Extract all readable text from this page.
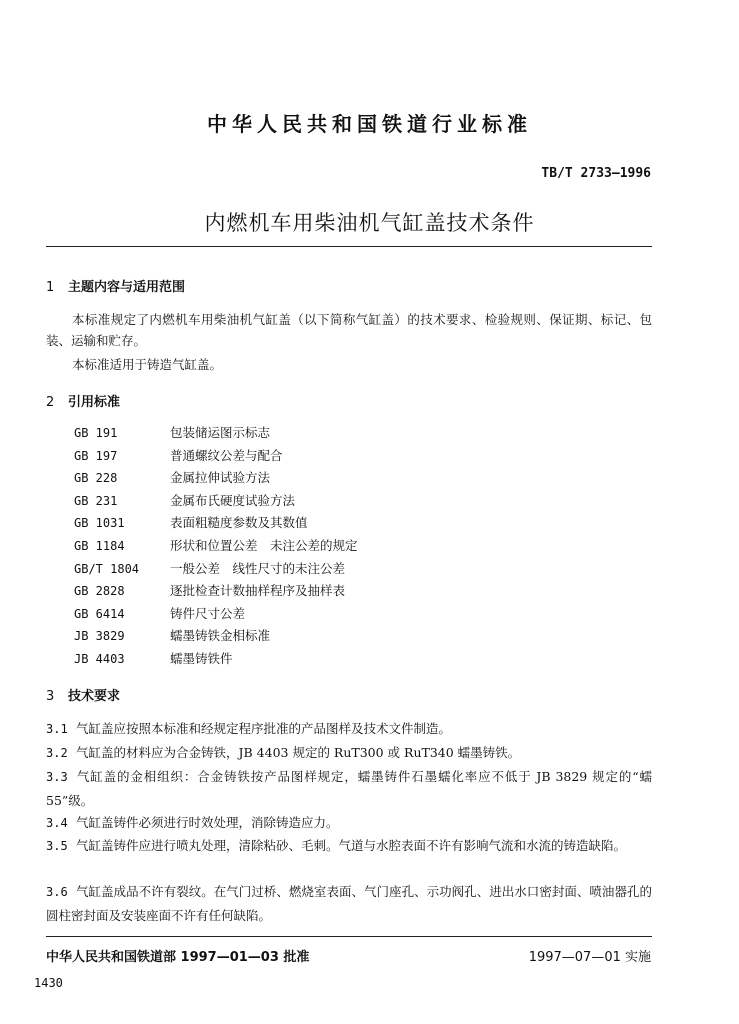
中华人民共和国铁道行业标准
TB/T 2733—1996
内燃机车用柴油机气缸盖技术条件
1 主题内容与适用范围
本标准规定了内燃机车用柴油机气缸盖（以下简称气缸盖）的技术要求、检验规则、保证期、标记、包装、运输和贮存。
本标准适用于铸造气缸盖。
2 引用标准
GB 191	包装储运图示标志
GB 197	普通螺纹公差与配合
GB 228	金属拉伸试验方法
GB 231	金属布氏硬度试验方法
GB 1031	表面粗糙度参数及其数值
GB 1184	形状和位置公差　未注公差的规定
GB/T 1804 一般公差　线性尺寸的未注公差
GB 2828	逐批检查计数抽样程序及抽样表
GB 6414	铸件尺寸公差
JB 3829	蠕墨铸铁金相标准
JB 4403	蠕墨铸铁件
3 技术要求
3.1 气缸盖应按照本标准和经规定程序批准的产品图样及技术文件制造。
3.2 气缸盖的材料应为合金铸铁，JB 4403 规定的 RuT300 或 RuT340 蠕墨铸铁。
3.3 气缸盖的金相组织：合金铸铁按产品图样规定，蠕墨铸件石墨蠕化率应不低于 JB 3829 规定的“蠕 55”级。
3.4 气缸盖铸件必须进行时效处理，消除铸造应力。
3.5 气缸盖铸件应进行喷丸处理，清除粘砂、毛刺。气道与水腔表面不许有影响气流和水流的铸造缺陷。
3.6 气缸盖成品不许有裂纹。在气门过桥、燃烧室表面、气门座孔、示功阀孔、进出水口密封面、喷油器孔的圆柱密封面及安装座面不许有任何缺陷。
中华人民共和国铁道部 1997—01—03 批准	1997—07—01 实施
1430
